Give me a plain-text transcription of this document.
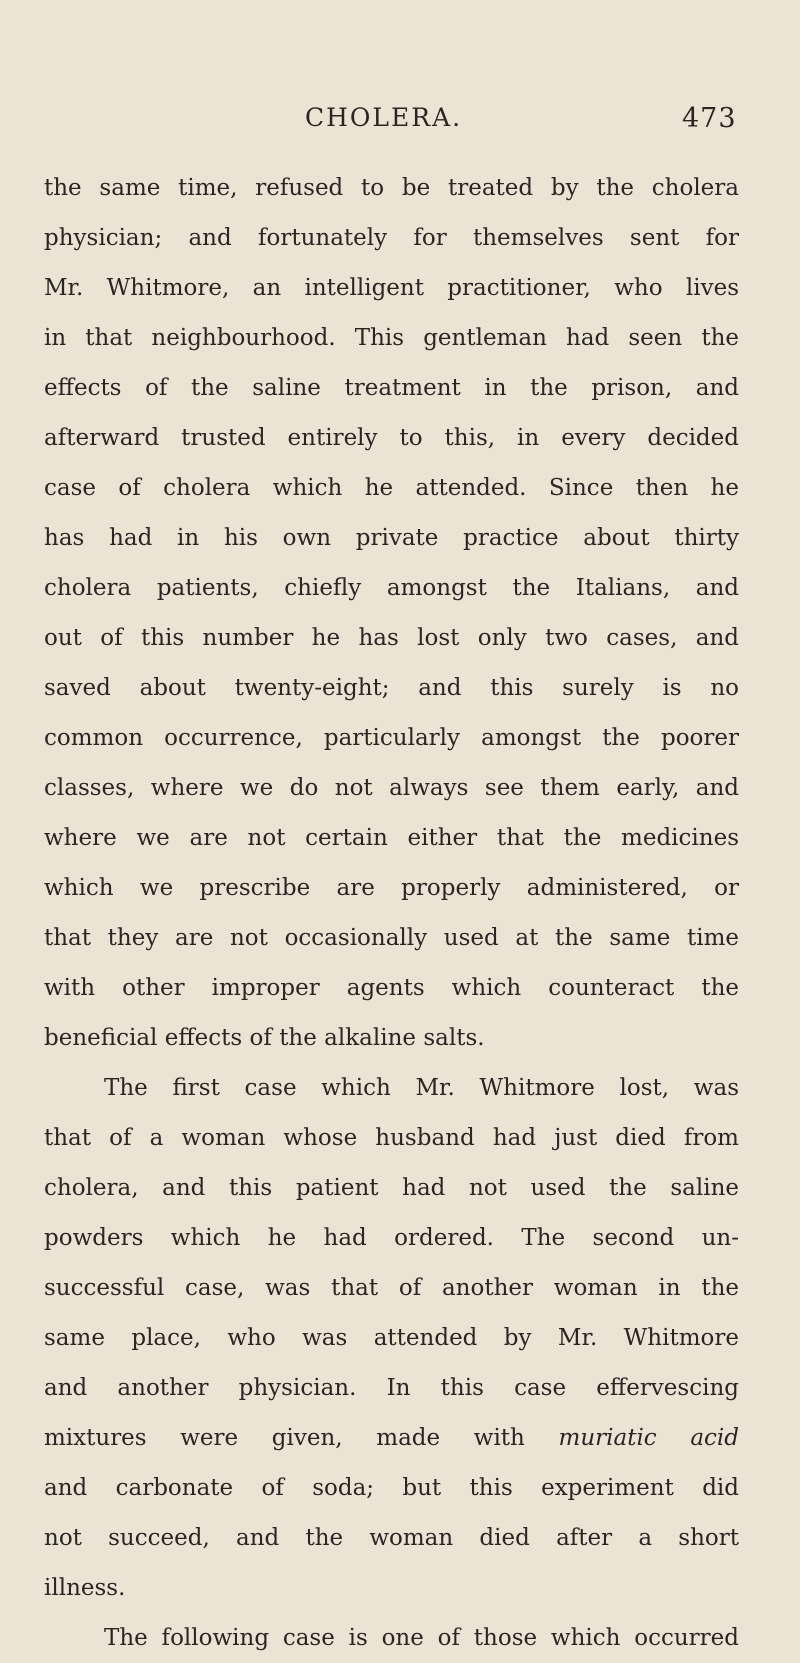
CHOLERA.	473
the same time, refused to be treated by the cholera
physician; and fortunately for themselves sent for
Mr. Whitmore, an intelligent practitioner, who lives
in that neighbourhood. This gentleman had seen the
effects of the saline treatment in the prison, and
afterward trusted entirely to this, in every decided
case of cholera which he attended. Since then he
has had in his own private practice about thirty
cholera patients, chiefly amongst the Italians, and
out of this number he has lost only two cases, and
saved about twenty-eight; and this surely is no
common occurrence, particularly amongst the poorer
classes, where we do not always see them early, and
where we are not certain either that the medicines
which we prescribe are properly administered, or
that they are not occasionally used at the same time
with other improper agents which counteract the
beneficial effects of the alkaline salts.
The first case which Mr. Whitmore lost, was
that of a woman whose husband had just died from
cholera, and this patient had not used the saline
powders which he had ordered. The second un-
successful case, was that of another woman in the
same place, who was attended by Mr. Whitmore
and another physician. In this case effervescing
mixtures were given, made with muriatic acid
and carbonate of soda; but this experiment did
not succeed, and the woman died after a short
illness.
The following case is one of those which occurred
